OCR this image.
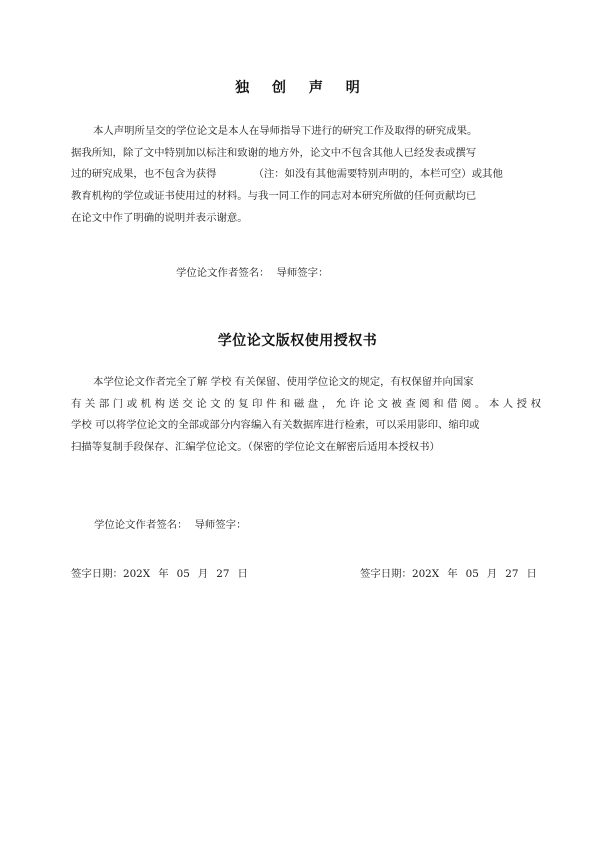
独 创 声 明
本人声明所呈交的学位论文是本人在导师指导下进行的研究工作及取得的研究成果。
据我所知，除了文中特别加以标注和致谢的地方外，论文中不包含其他人已经发表或撰写
过的研究成果，也不包含为获得	（注：如没有其他需要特别声明的，本栏可空）或其他
教育机构的学位或证书使用过的材料。与我一同工作的同志对本研究所做的任何贡献均已
在论文中作了明确的说明并表示谢意。
学位论文作者签名： 导师签字：
学位论文版权使用授权书
本学位论文作者完全了解 学校 有关保留、使用学位论文的规定，有权保留并向国家
有关部门或机构送交论文的复印件和磁盘，允许论文被查阅和借阅。本人授权
学校 可以将学位论文的全部或部分内容编入有关数据库进行检索，可以采用影印、缩印或
扫描等复制手段保存、汇编学位论文。（保密的学位论文在解密后适用本授权书）
学位论文作者签名： 导师签字：
签字日期：202X 年 05 月 27 日	签字日期：202X 年 05 月 27 日
